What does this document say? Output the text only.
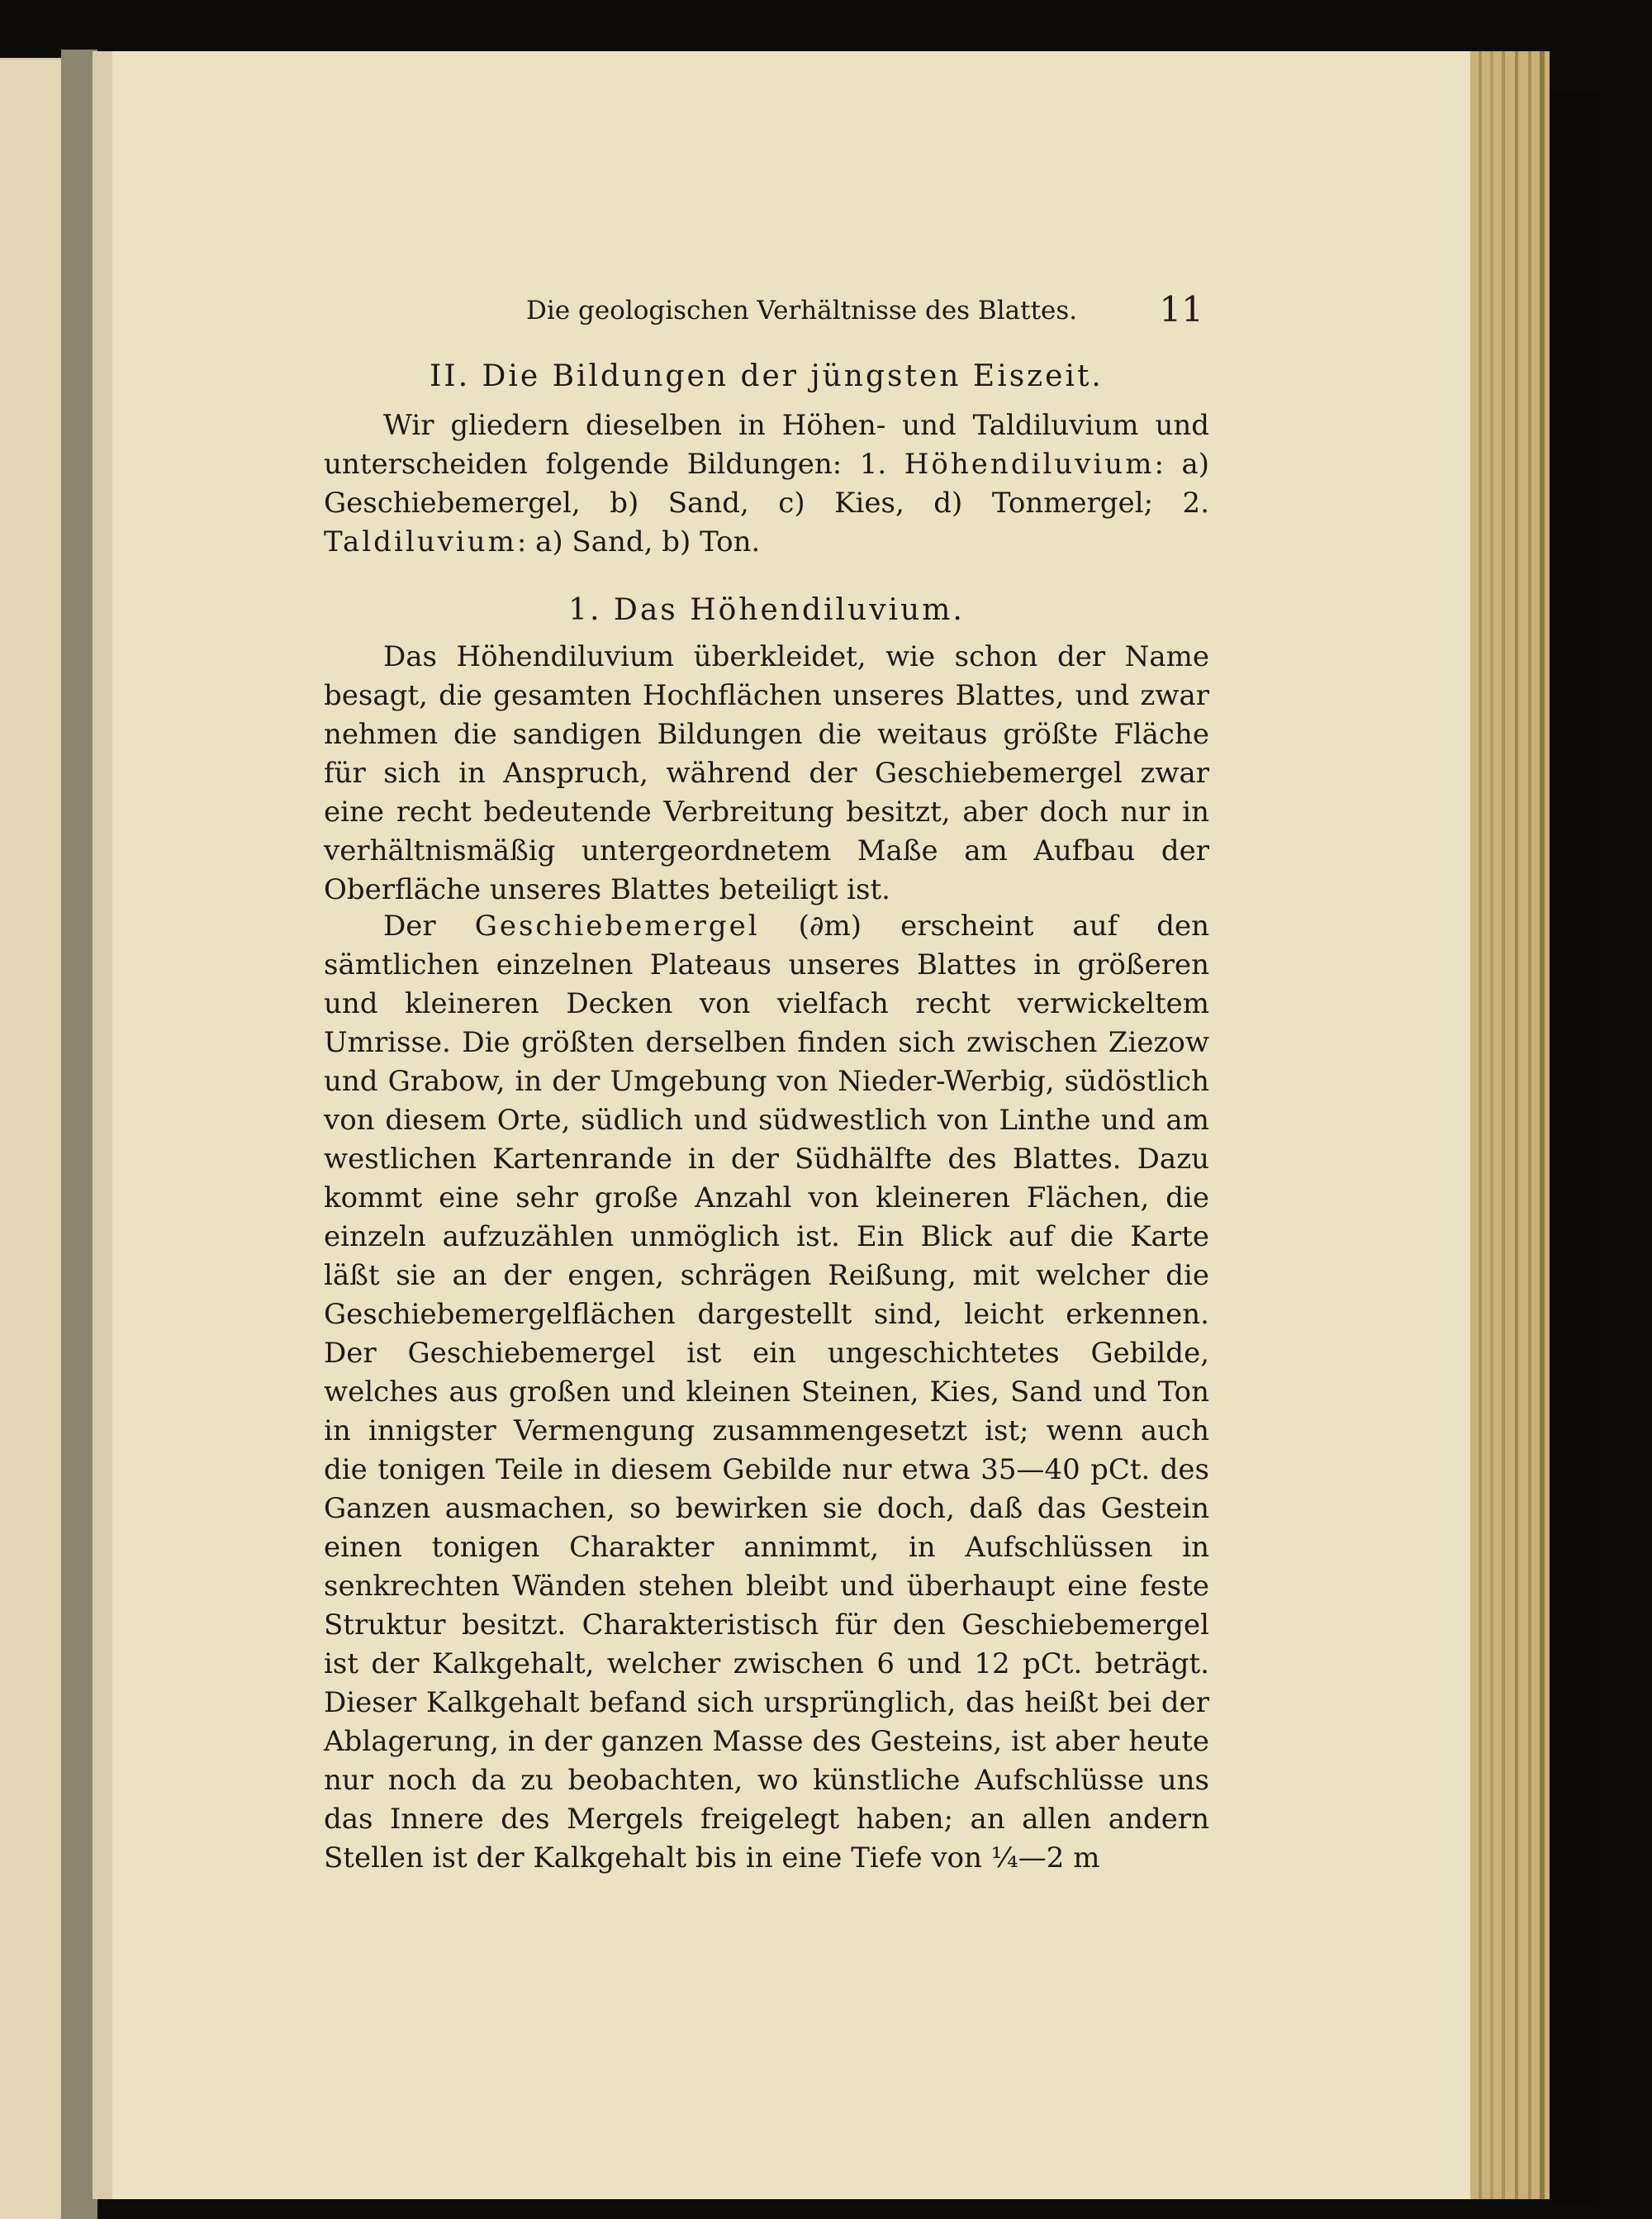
Die geologischen Verhältnisse des Blattes. 11
II. Die Bildungen der jüngsten Eiszeit.

Wir gliedern dieselben in Höhen- und Taldiluvium und unterscheiden folgende Bildungen: 1. Höhendiluvium: a) Geschiebemergel, b) Sand, c) Kies, d) Tonmergel; 2. Taldiluvium: a) Sand, b) Ton.

1. Das Höhendiluvium.

Das Höhendiluvium überkleidet, wie schon der Name besagt, die gesamten Hochflächen unseres Blattes, und zwar nehmen die sandigen Bildungen die weitaus größte Fläche für sich in Anspruch, während der Geschiebemergel zwar eine recht bedeutende Verbreitung besitzt, aber doch nur in verhältnismäßig untergeordnetem Maße am Aufbau der Oberfläche unseres Blattes beteiligt ist.

Der Geschiebemergel (∂m) erscheint auf den sämtlichen einzelnen Plateaus unseres Blattes in größeren und kleineren Decken von vielfach recht verwickeltem Umrisse. Die größten derselben finden sich zwischen Ziezow und Grabow, in der Umgebung von Nieder-Werbig, südöstlich von diesem Orte, südlich und südwestlich von Linthe und am westlichen Kartenrande in der Südhälfte des Blattes. Dazu kommt eine sehr große Anzahl von kleineren Flächen, die einzeln aufzuzählen unmöglich ist. Ein Blick auf die Karte läßt sie an der engen, schrägen Reißung, mit welcher die Geschiebemergelflächen dargestellt sind, leicht erkennen. Der Geschiebemergel ist ein ungeschichtetes Gebilde, welches aus großen und kleinen Steinen, Kies, Sand und Ton in innigster Vermengung zusammengesetzt ist; wenn auch die tonigen Teile in diesem Gebilde nur etwa 35—40 pCt. des Ganzen ausmachen, so bewirken sie doch, daß das Gestein einen tonigen Charakter annimmt, in Aufschlüssen in senkrechten Wänden stehen bleibt und überhaupt eine feste Struktur besitzt. Charakteristisch für den Geschiebemergel ist der Kalkgehalt, welcher zwischen 6 und 12 pCt. beträgt. Dieser Kalkgehalt befand sich ursprünglich, das heißt bei der Ablagerung, in der ganzen Masse des Gesteins, ist aber heute nur noch da zu beobachten, wo künstliche Aufschlüsse uns das Innere des Mergels freigelegt haben; an allen andern Stellen ist der Kalkgehalt bis in eine Tiefe von ¼—2 m
